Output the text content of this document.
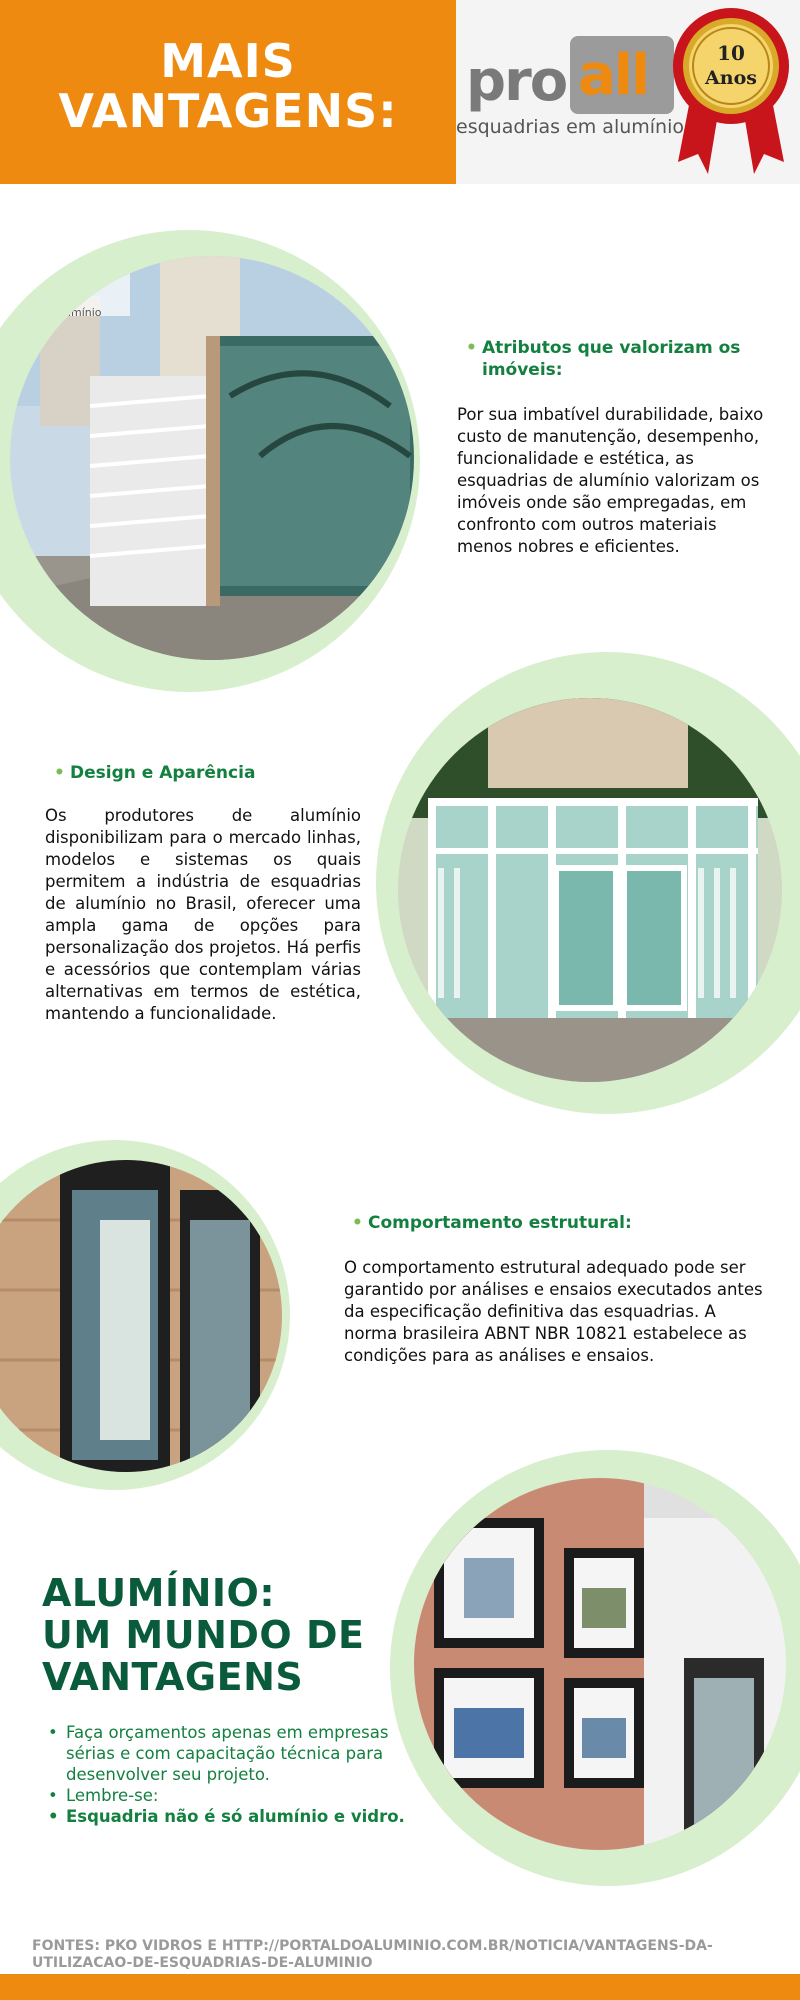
MAIS
VANTAGENS:	pro all
esquadrias em alumínio
10
Anos
m alumínio
• Atributos que valorizam os imóveis:
Por sua imbatível durabilidade, baixo custo de manutenção, desempenho, funcionalidade e estética, as esquadrias de alumínio valorizam os imóveis onde são empregadas, em confronto com outros materiais menos nobres e eficientes.
• Design e Aparência
Os produtores de alumínio disponibilizam para o mercado linhas, modelos e sistemas os quais permitem a indústria de esquadrias de alumínio no Brasil, oferecer uma ampla gama de opções para personalização dos projetos. Há perfis e acessórios que contemplam várias alternativas em termos de estética, mantendo a funcionalidade.
• Comportamento estrutural:
O comportamento estrutural adequado pode ser garantido por análises e ensaios executados antes da especificação definitiva das esquadrias. A norma brasileira ABNT NBR 10821 estabelece as condições para as análises e ensaios.
ALUMÍNIO:
UM MUNDO DE
VANTAGENS
• Faça orçamentos apenas em empresas sérias e com capacitação técnica para desenvolver seu projeto.
• Lembre-se:
• Esquadria não é só alumínio e vidro.
FONTES: PKO VIDROS E HTTP://PORTALDOALUMINIO.COM.BR/NOTICIA/VANTAGENS-DA-UTILIZACAO-DE-ESQUADRIAS-DE-ALUMINIO
